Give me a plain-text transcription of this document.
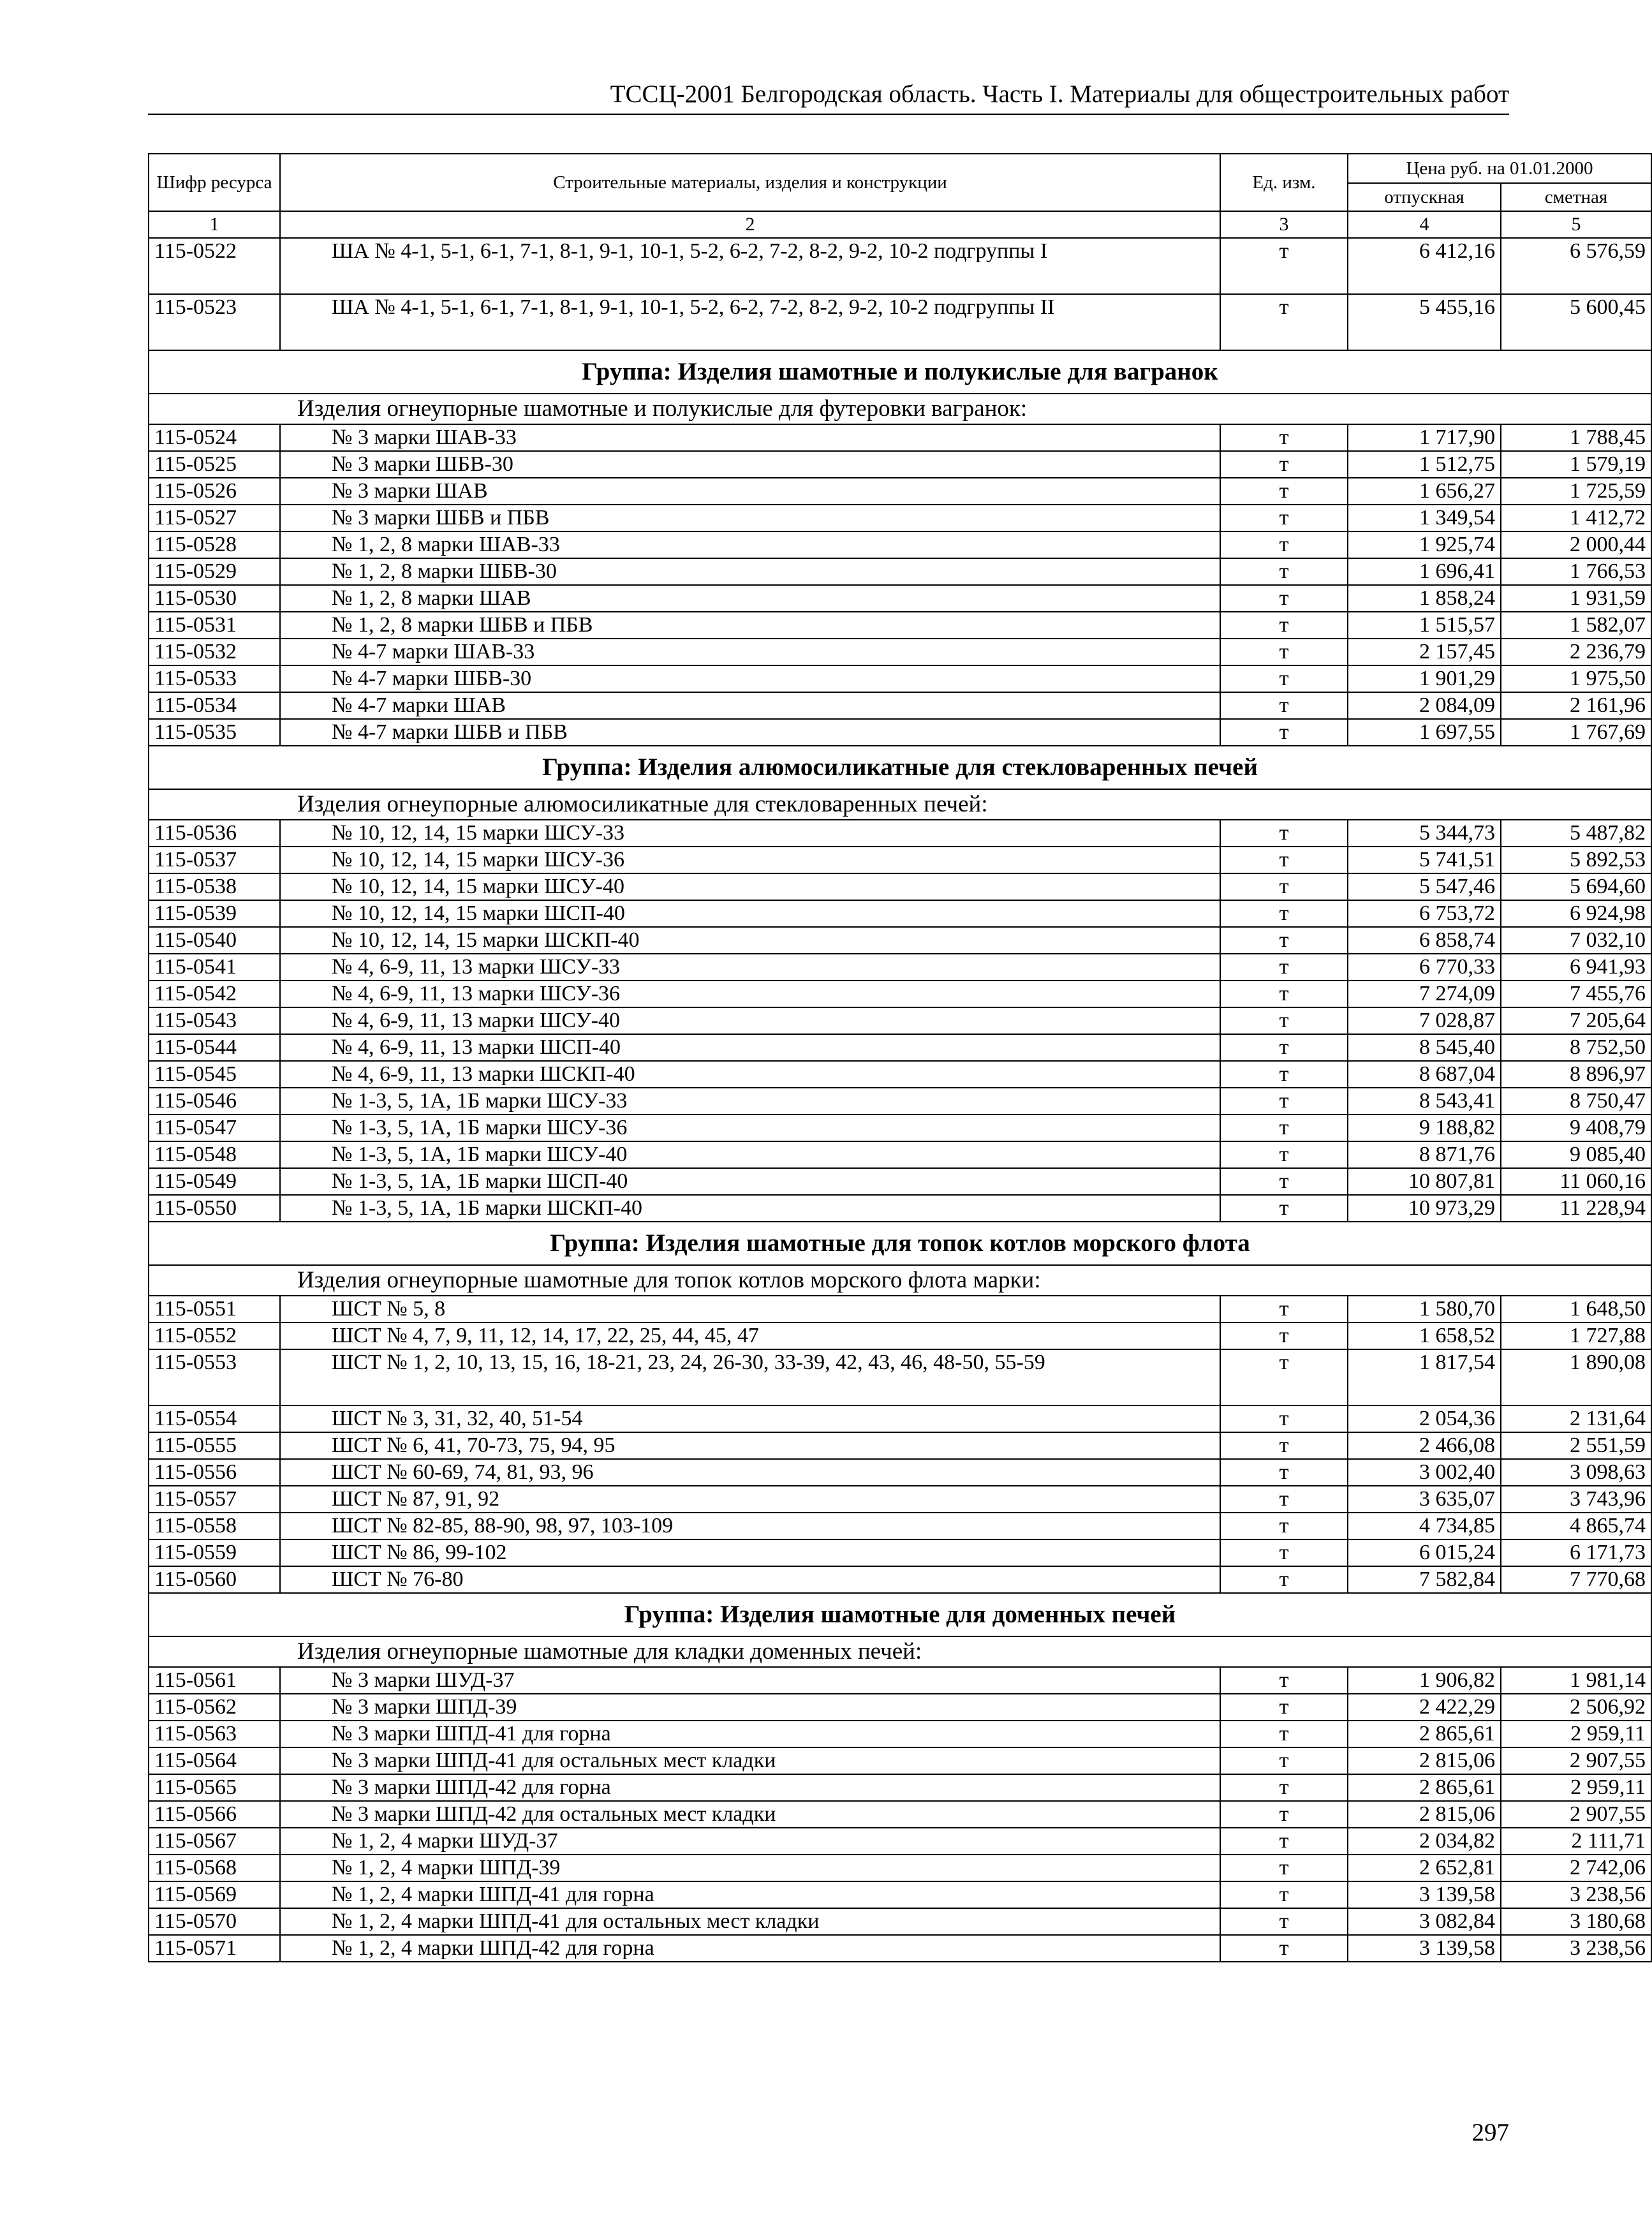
ТССЦ-2001 Белгородская область. Часть I. Материалы для общестроительных работ
Шифр ресурса	Строительные материалы, изделия и конструкции	Ед. изм.	Цена руб. на 01.01.2000	
			отпускная	сметная
1	2	3	4	5
115-0522	ША № 4-1, 5-1, 6-1, 7-1, 8-1, 9-1, 10-1, 5-2, 6-2, 7-2, 8-2, 9-2, 10-2 подгруппы I	т	6 412,16	6 576,59
115-0523	ША № 4-1, 5-1, 6-1, 7-1, 8-1, 9-1, 10-1, 5-2, 6-2, 7-2, 8-2, 9-2, 10-2 подгруппы II	т	5 455,16	5 600,45
Группа: Изделия шамотные и полукислые для вагранок				
Изделия огнеупорные шамотные и полукислые для футеровки вагранок:				
115-0524	№ 3 марки ШАВ-33	т	1 717,90	1 788,45
115-0525	№ 3 марки ШБВ-30	т	1 512,75	1 579,19
115-0526	№ 3 марки ШАВ	т	1 656,27	1 725,59
115-0527	№ 3 марки ШБВ и ПБВ	т	1 349,54	1 412,72
115-0528	№ 1, 2, 8 марки ШАВ-33	т	1 925,74	2 000,44
115-0529	№ 1, 2, 8 марки ШБВ-30	т	1 696,41	1 766,53
115-0530	№ 1, 2, 8 марки ШАВ	т	1 858,24	1 931,59
115-0531	№ 1, 2, 8 марки ШБВ и ПБВ	т	1 515,57	1 582,07
115-0532	№ 4-7 марки ШАВ-33	т	2 157,45	2 236,79
115-0533	№ 4-7 марки ШБВ-30	т	1 901,29	1 975,50
115-0534	№ 4-7 марки ШАВ	т	2 084,09	2 161,96
115-0535	№ 4-7 марки ШБВ и ПБВ	т	1 697,55	1 767,69
Группа: Изделия алюмосиликатные для стекловаренных печей				
Изделия огнеупорные алюмосиликатные для стекловаренных печей:				
115-0536	№ 10, 12, 14, 15 марки ШСУ-33	т	5 344,73	5 487,82
115-0537	№ 10, 12, 14, 15 марки ШСУ-36	т	5 741,51	5 892,53
115-0538	№ 10, 12, 14, 15 марки ШСУ-40	т	5 547,46	5 694,60
115-0539	№ 10, 12, 14, 15 марки ШСП-40	т	6 753,72	6 924,98
115-0540	№ 10, 12, 14, 15 марки ШСКП-40	т	6 858,74	7 032,10
115-0541	№ 4, 6-9, 11, 13 марки ШСУ-33	т	6 770,33	6 941,93
115-0542	№ 4, 6-9, 11, 13 марки ШСУ-36	т	7 274,09	7 455,76
115-0543	№ 4, 6-9, 11, 13 марки ШСУ-40	т	7 028,87	7 205,64
115-0544	№ 4, 6-9, 11, 13 марки ШСП-40	т	8 545,40	8 752,50
115-0545	№ 4, 6-9, 11, 13 марки ШСКП-40	т	8 687,04	8 896,97
115-0546	№ 1-3, 5, 1А, 1Б марки ШСУ-33	т	8 543,41	8 750,47
115-0547	№ 1-3, 5, 1А, 1Б марки ШСУ-36	т	9 188,82	9 408,79
115-0548	№ 1-3, 5, 1А, 1Б марки ШСУ-40	т	8 871,76	9 085,40
115-0549	№ 1-3, 5, 1А, 1Б марки ШСП-40	т	10 807,81	11 060,16
115-0550	№ 1-3, 5, 1А, 1Б марки ШСКП-40	т	10 973,29	11 228,94
Группа: Изделия шамотные для топок котлов морского флота				
Изделия огнеупорные шамотные для топок котлов морского флота марки:				
115-0551	ШСТ № 5, 8	т	1 580,70	1 648,50
115-0552	ШСТ № 4, 7, 9, 11, 12, 14, 17, 22, 25, 44, 45, 47	т	1 658,52	1 727,88
115-0553	ШСТ № 1, 2, 10, 13, 15, 16, 18-21, 23, 24, 26-30, 33-39, 42, 43, 46, 48-50, 55-59	т	1 817,54	1 890,08
115-0554	ШСТ № 3, 31, 32, 40, 51-54	т	2 054,36	2 131,64
115-0555	ШСТ № 6, 41, 70-73, 75, 94, 95	т	2 466,08	2 551,59
115-0556	ШСТ № 60-69, 74, 81, 93, 96	т	3 002,40	3 098,63
115-0557	ШСТ № 87, 91, 92	т	3 635,07	3 743,96
115-0558	ШСТ № 82-85, 88-90, 98, 97, 103-109	т	4 734,85	4 865,74
115-0559	ШСТ № 86, 99-102	т	6 015,24	6 171,73
115-0560	ШСТ № 76-80	т	7 582,84	7 770,68
Группа: Изделия шамотные для доменных печей				
Изделия огнеупорные шамотные для кладки доменных печей:				
115-0561	№ 3 марки ШУД-37	т	1 906,82	1 981,14
115-0562	№ 3 марки ШПД-39	т	2 422,29	2 506,92
115-0563	№ 3 марки ШПД-41 для горна	т	2 865,61	2 959,11
115-0564	№ 3 марки ШПД-41 для остальных мест кладки	т	2 815,06	2 907,55
115-0565	№ 3 марки ШПД-42 для горна	т	2 865,61	2 959,11
115-0566	№ 3 марки ШПД-42 для остальных мест кладки	т	2 815,06	2 907,55
115-0567	№ 1, 2, 4 марки ШУД-37	т	2 034,82	2 111,71
115-0568	№ 1, 2, 4 марки ШПД-39	т	2 652,81	2 742,06
115-0569	№ 1, 2, 4 марки ШПД-41 для горна	т	3 139,58	3 238,56
115-0570	№ 1, 2, 4 марки ШПД-41 для остальных мест кладки	т	3 082,84	3 180,68
115-0571	№ 1, 2, 4 марки ШПД-42 для горна	т	3 139,58	3 238,56
297
